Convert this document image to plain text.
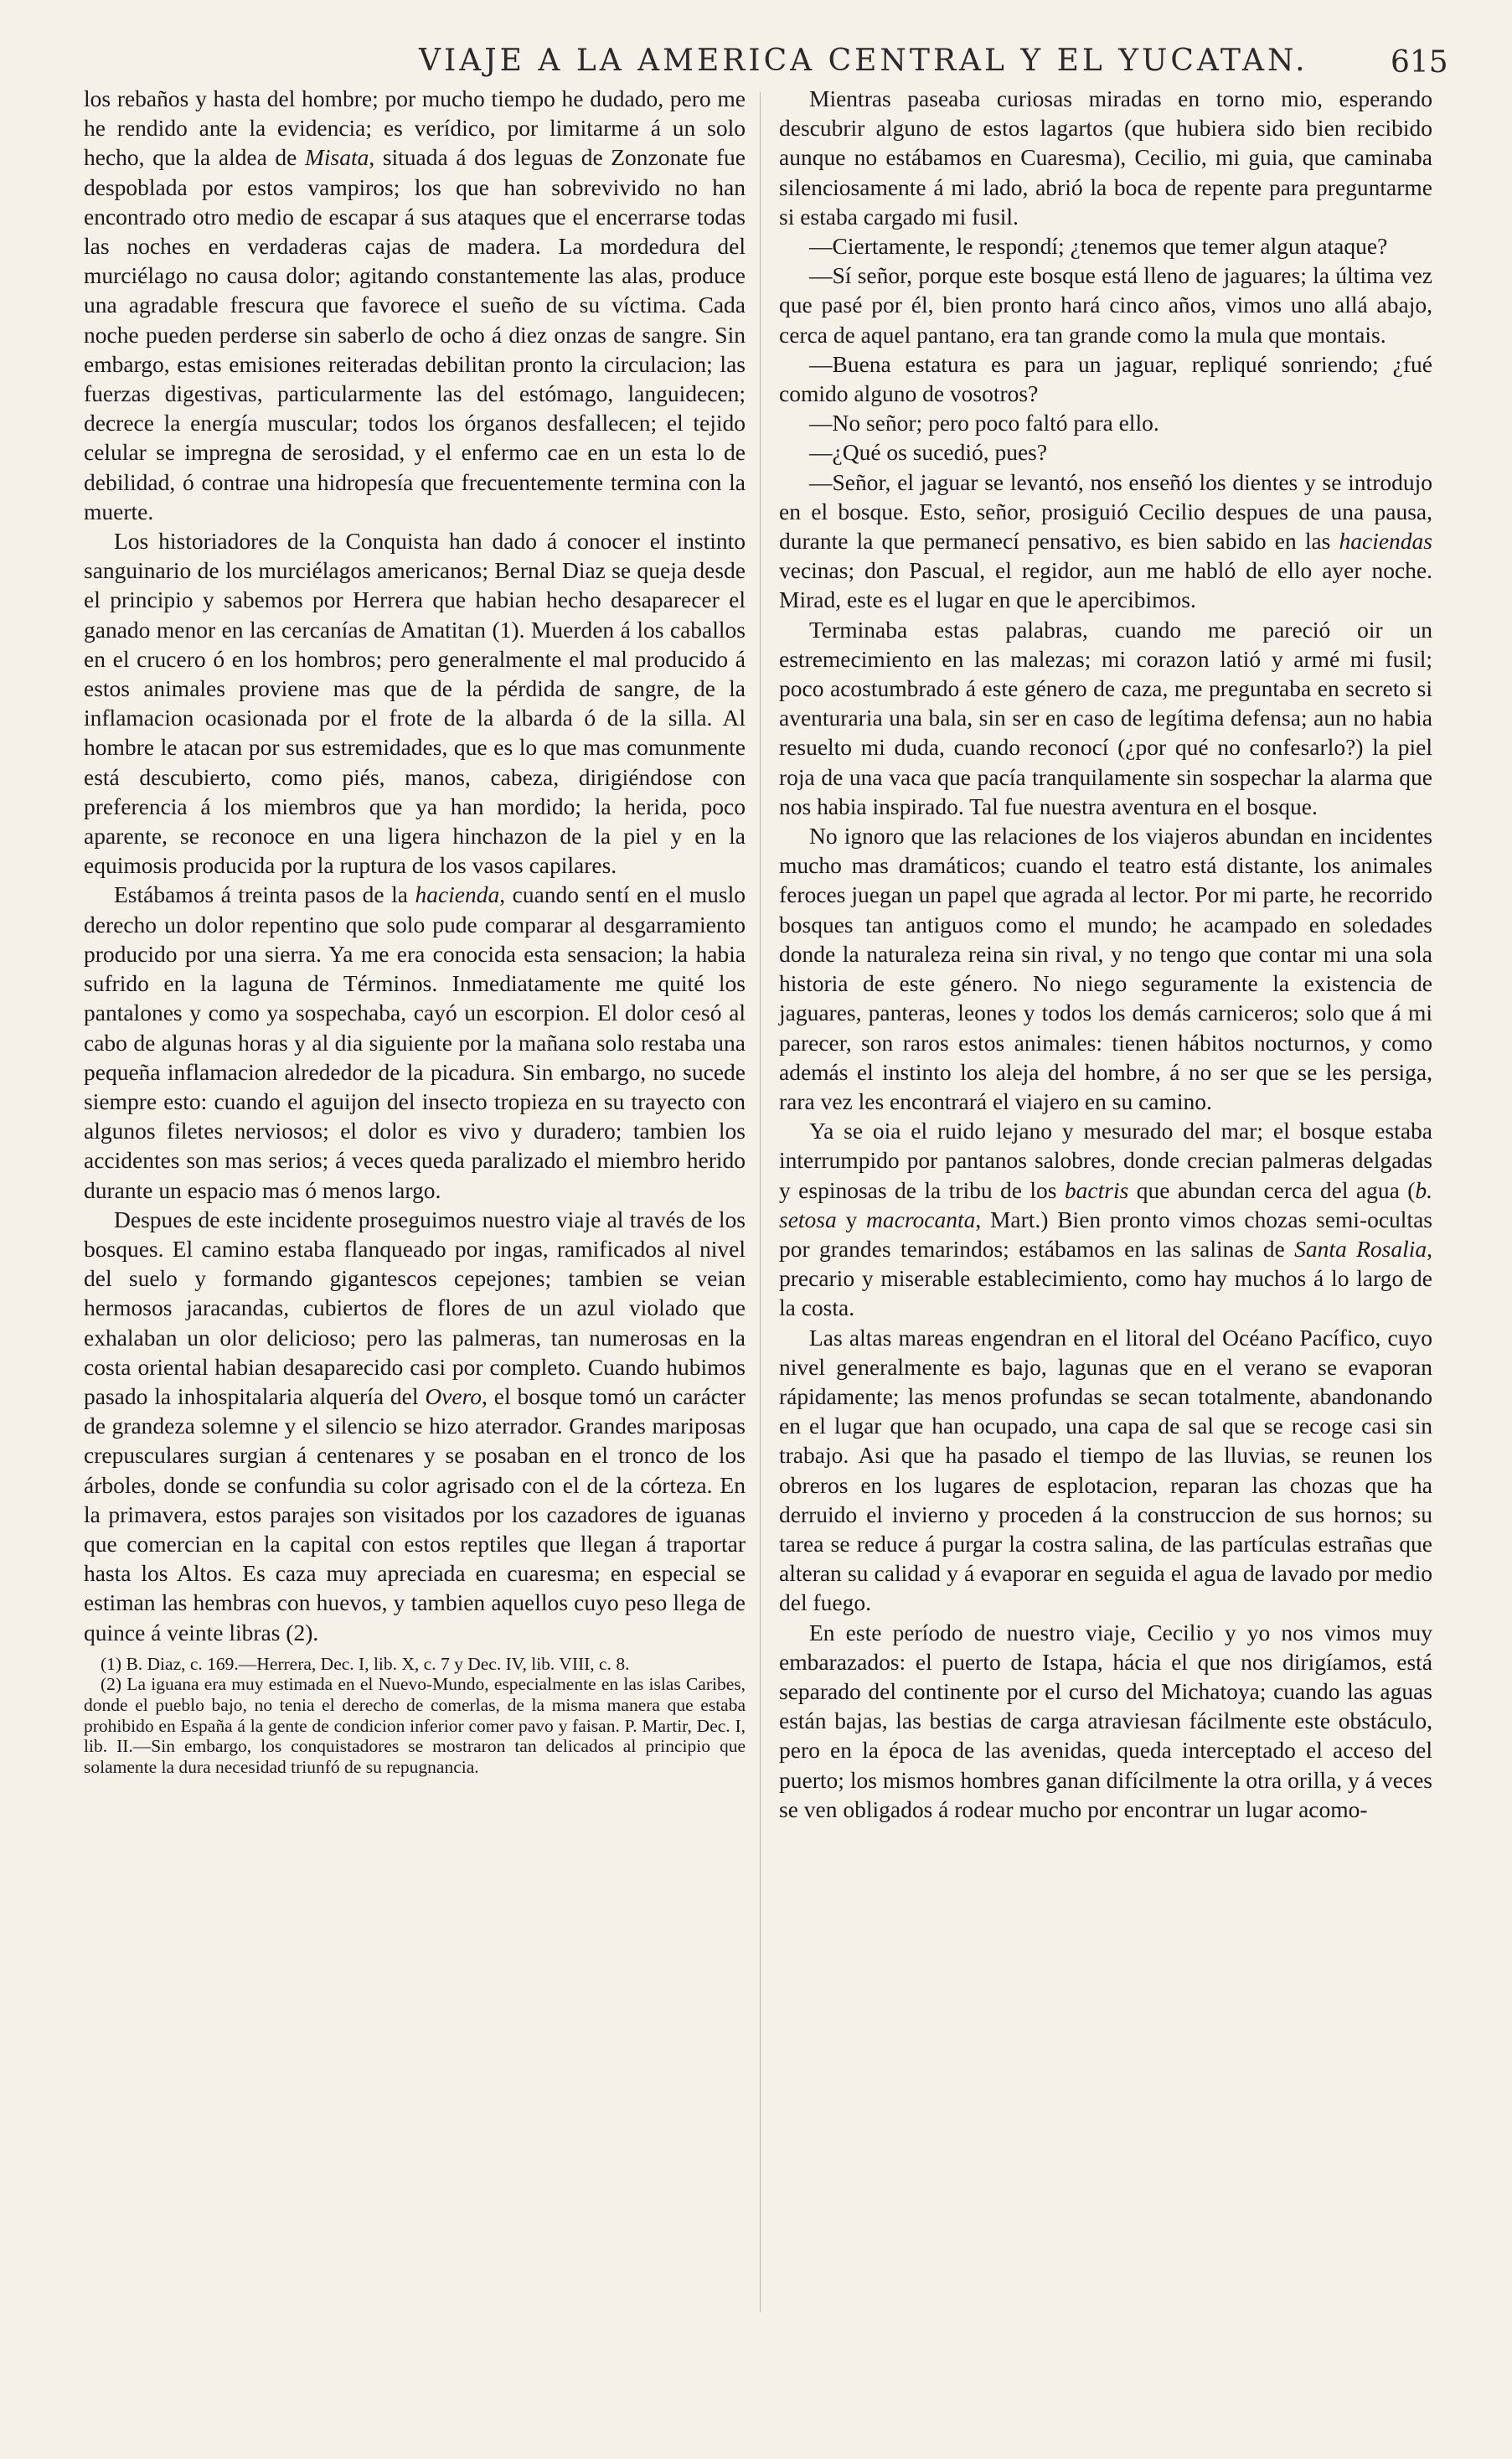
VIAJE A LA AMERICA CENTRAL Y EL YUCATAN.	615

los rebaños y hasta del hombre; por mucho tiempo he dudado, pero me he rendido ante la evidencia; es verídico, por limitarme á un solo hecho, que la aldea de Misata, situada á dos leguas de Zonzonate fue despoblada por estos vampiros; los que han sobrevivido no han encontrado otro medio de escapar á sus ataques que el encerrarse todas las noches en verdaderas cajas de madera. La mordedura del murciélago no causa dolor; agitando constantemente las alas, produce una agradable frescura que favorece el sueño de su víctima. Cada noche pueden perderse sin saberlo de ocho á diez onzas de sangre. Sin embargo, estas emisiones reiteradas debilitan pronto la circulacion; las fuerzas digestivas, particularmente las del estómago, languidecen; decrece la energía muscular; todos los órganos desfallecen; el tejido celular se impregna de serosidad, y el enfermo cae en un esta lo de debilidad, ó contrae una hidropesía que frecuentemente termina con la muerte.

Los historiadores de la Conquista han dado á conocer el instinto sanguinario de los murciélagos americanos; Bernal Diaz se queja desde el principio y sabemos por Herrera que habian hecho desaparecer el ganado menor en las cercanías de Amatitan (1). Muerden á los caballos en el crucero ó en los hombros; pero generalmente el mal producido á estos animales proviene mas que de la pérdida de sangre, de la inflamacion ocasionada por el frote de la albarda ó de la silla. Al hombre le atacan por sus estremidades, que es lo que mas comunmente está descubierto, como piés, manos, cabeza, dirigiéndose con preferencia á los miembros que ya han mordido; la herida, poco aparente, se reconoce en una ligera hinchazon de la piel y en la equimosis producida por la ruptura de los vasos capilares.

Estábamos á treinta pasos de la hacienda, cuando sentí en el muslo derecho un dolor repentino que solo pude comparar al desgarramiento producido por una sierra. Ya me era conocida esta sensacion; la habia sufrido en la laguna de Términos. Inmediatamente me quité los pantalones y como ya sospechaba, cayó un escorpion. El dolor cesó al cabo de algunas horas y al dia siguiente por la mañana solo restaba una pequeña inflamacion alrededor de la picadura. Sin embargo, no sucede siempre esto: cuando el aguijon del insecto tropieza en su trayecto con algunos filetes nerviosos; el dolor es vivo y duradero; tambien los accidentes son mas serios; á veces queda paralizado el miembro herido durante un espacio mas ó menos largo.

Despues de este incidente proseguimos nuestro viaje al través de los bosques. El camino estaba flanqueado por ingas, ramificados al nivel del suelo y formando gigantescos cepejones; tambien se veian hermosos jaracandas, cubiertos de flores de un azul violado que exhalaban un olor delicioso; pero las palmeras, tan numerosas en la costa oriental habian desaparecido casi por completo. Cuando hubimos pasado la inhospitalaria alquería del Overo, el bosque tomó un carácter de grandeza solemne y el silencio se hizo aterrador. Grandes mariposas crepusculares surgian á centenares y se posaban en el tronco de los árboles, donde se confundia su color agrisado con el de la córteza. En la primavera, estos parajes son visitados por los cazadores de iguanas que comercian en la capital con estos reptiles que llegan á traportar hasta los Altos. Es caza muy apreciada en cuaresma; en especial se estiman las hembras con huevos, y tambien aquellos cuyo peso llega de quince á veinte libras (2).

(1) B. Diaz, c. 169.—Herrera, Dec. I, lib. X, c. 7 y Dec. IV, lib. VIII, c. 8.

(2) La iguana era muy estimada en el Nuevo-Mundo, especialmente en las islas Caribes, donde el pueblo bajo, no tenia el derecho de comerlas, de la misma manera que estaba prohibido en España á la gente de condicion inferior comer pavo y faisan. P. Martir, Dec. I, lib. II.—Sin embargo, los conquistadores se mostraron tan delicados al principio que solamente la dura necesidad triunfó de su repugnancia.

Mientras paseaba curiosas miradas en torno mio, esperando descubrir alguno de estos lagartos (que hubiera sido bien recibido aunque no estábamos en Cuaresma), Cecilio, mi guia, que caminaba silenciosamente á mi lado, abrió la boca de repente para preguntarme si estaba cargado mi fusil.

—Ciertamente, le respondí; ¿tenemos que temer algun ataque?

—Sí señor, porque este bosque está lleno de jaguares; la última vez que pasé por él, bien pronto hará cinco años, vimos uno allá abajo, cerca de aquel pantano, era tan grande como la mula que montais.

—Buena estatura es para un jaguar, repliqué sonriendo; ¿fué comido alguno de vosotros?

—No señor; pero poco faltó para ello.

—¿Qué os sucedió, pues?

—Señor, el jaguar se levantó, nos enseñó los dientes y se introdujo en el bosque. Esto, señor, prosiguió Cecilio despues de una pausa, durante la que permanecí pensativo, es bien sabido en las haciendas vecinas; don Pascual, el regidor, aun me habló de ello ayer noche. Mirad, este es el lugar en que le apercibimos.

Terminaba estas palabras, cuando me pareció oir un estremecimiento en las malezas; mi corazon latió y armé mi fusil; poco acostumbrado á este género de caza, me preguntaba en secreto si aventuraria una bala, sin ser en caso de legítima defensa; aun no habia resuelto mi duda, cuando reconocí (¿por qué no confesarlo?) la piel roja de una vaca que pacía tranquilamente sin sospechar la alarma que nos habia inspirado. Tal fue nuestra aventura en el bosque.

No ignoro que las relaciones de los viajeros abundan en incidentes mucho mas dramáticos; cuando el teatro está distante, los animales feroces juegan un papel que agrada al lector. Por mi parte, he recorrido bosques tan antiguos como el mundo; he acampado en soledades donde la naturaleza reina sin rival, y no tengo que contar mi una sola historia de este género. No niego seguramente la existencia de jaguares, panteras, leones y todos los demás carniceros; solo que á mi parecer, son raros estos animales: tienen hábitos nocturnos, y como además el instinto los aleja del hombre, á no ser que se les persiga, rara vez les encontrará el viajero en su camino.

Ya se oia el ruido lejano y mesurado del mar; el bosque estaba interrumpido por pantanos salobres, donde crecian palmeras delgadas y espinosas de la tribu de los bactris que abundan cerca del agua (b. setosa y macrocanta, Mart.) Bien pronto vimos chozas semi-ocultas por grandes temarindos; estábamos en las salinas de Santa Rosalia, precario y miserable establecimiento, como hay muchos á lo largo de la costa.

Las altas mareas engendran en el litoral del Océano Pacífico, cuyo nivel generalmente es bajo, lagunas que en el verano se evaporan rápidamente; las menos profundas se secan totalmente, abandonando en el lugar que han ocupado, una capa de sal que se recoge casi sin trabajo. Asi que ha pasado el tiempo de las lluvias, se reunen los obreros en los lugares de esplotacion, reparan las chozas que ha derruido el invierno y proceden á la construccion de sus hornos; su tarea se reduce á purgar la costra salina, de las partículas estrañas que alteran su calidad y á evaporar en seguida el agua de lavado por medio del fuego.

En este período de nuestro viaje, Cecilio y yo nos vimos muy embarazados: el puerto de Istapa, hácia el que nos dirigíamos, está separado del continente por el curso del Michatoya; cuando las aguas están bajas, las bestias de carga atraviesan fácilmente este obstáculo, pero en la época de las avenidas, queda interceptado el acceso del puerto; los mismos hombres ganan difícilmente la otra orilla, y á veces se ven obligados á rodear mucho por encontrar un lugar acomo-
